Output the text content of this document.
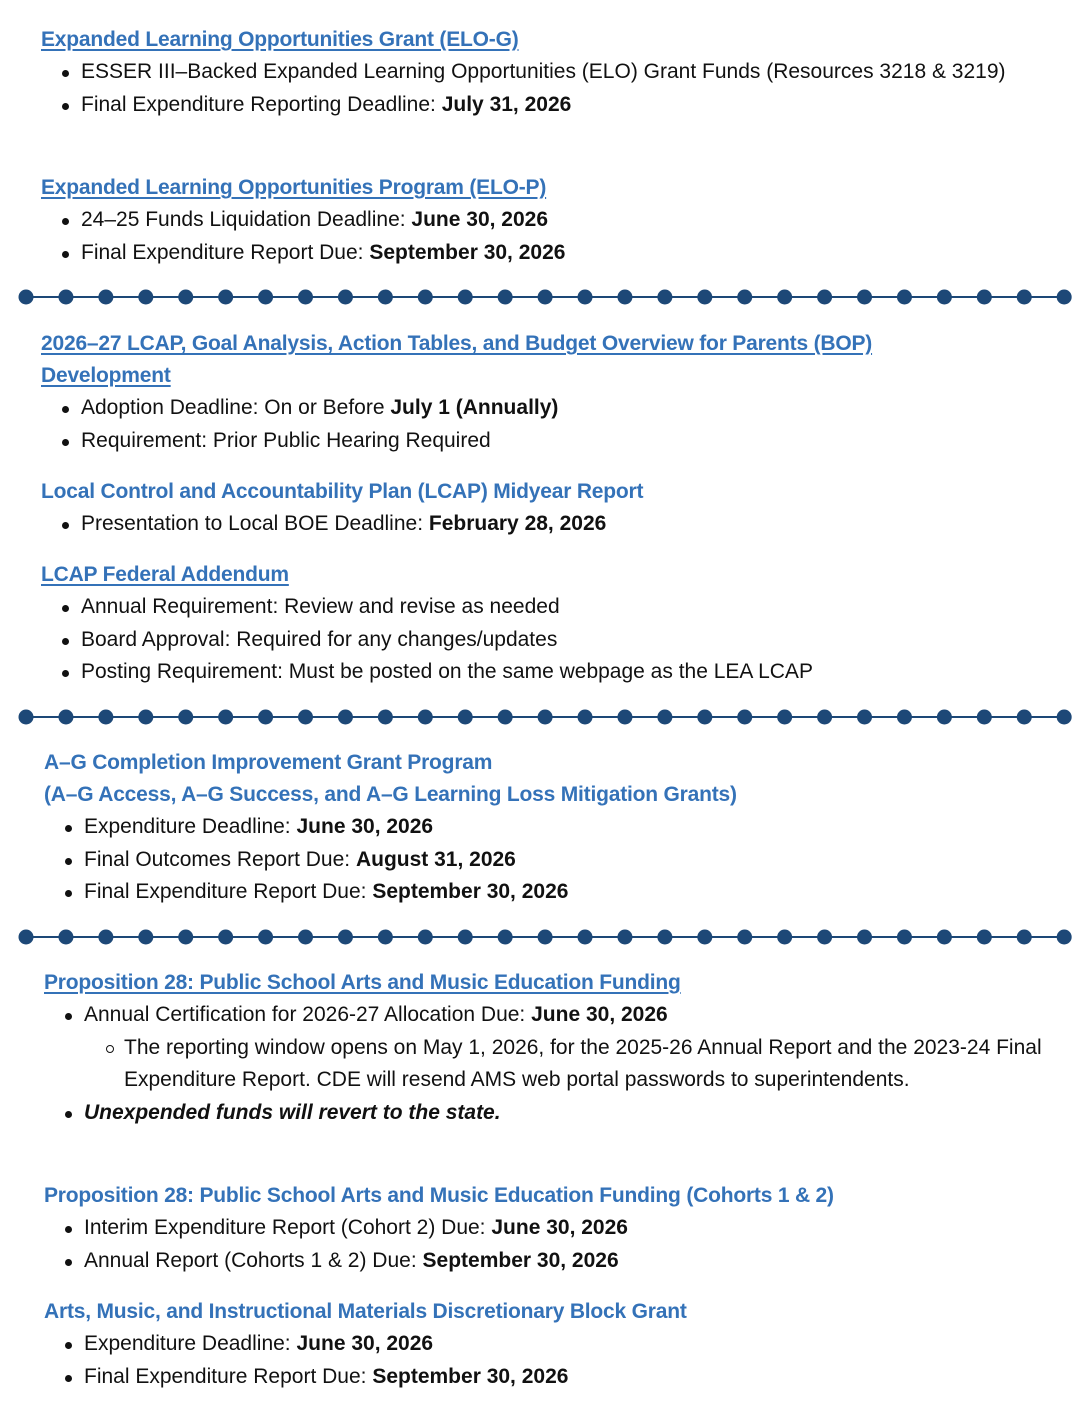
Expanded Learning Opportunities Grant (ELO-G)
ESSER III–Backed Expanded Learning Opportunities (ELO) Grant Funds (Resources 3218 & 3219)
Final Expenditure Reporting Deadline: July 31, 2026
Expanded Learning Opportunities Program (ELO-P)
24–25 Funds Liquidation Deadline: June 30, 2026
Final Expenditure Report Due: September 30, 2026
2026–27 LCAP, Goal Analysis, Action Tables, and Budget Overview for Parents (BOP) Development
Adoption Deadline: On or Before July 1 (Annually)
Requirement: Prior Public Hearing Required
Local Control and Accountability Plan (LCAP) Midyear Report
Presentation to Local BOE Deadline: February 28, 2026
LCAP Federal Addendum
Annual Requirement: Review and revise as needed
Board Approval: Required for any changes/updates
Posting Requirement: Must be posted on the same webpage as the LEA LCAP
A–G Completion Improvement Grant Program
(A–G Access, A–G Success, and A–G Learning Loss Mitigation Grants)
Expenditure Deadline: June 30, 2026
Final Outcomes Report Due: August 31, 2026
Final Expenditure Report Due: September 30, 2026
Proposition 28: Public School Arts and Music Education Funding
Annual Certification for 2026-27 Allocation Due: June 30, 2026
The reporting window opens on May 1, 2026, for the 2025-26 Annual Report and the 2023-24 Final Expenditure Report. CDE will resend AMS web portal passwords to superintendents.
Unexpended funds will revert to the state.
Proposition 28: Public School Arts and Music Education Funding (Cohorts 1 & 2)
Interim Expenditure Report (Cohort 2) Due: June 30, 2026
Annual Report (Cohorts 1 & 2) Due: September 30, 2026
Arts, Music, and Instructional Materials Discretionary Block Grant
Expenditure Deadline: June 30, 2026
Final Expenditure Report Due: September 30, 2026
